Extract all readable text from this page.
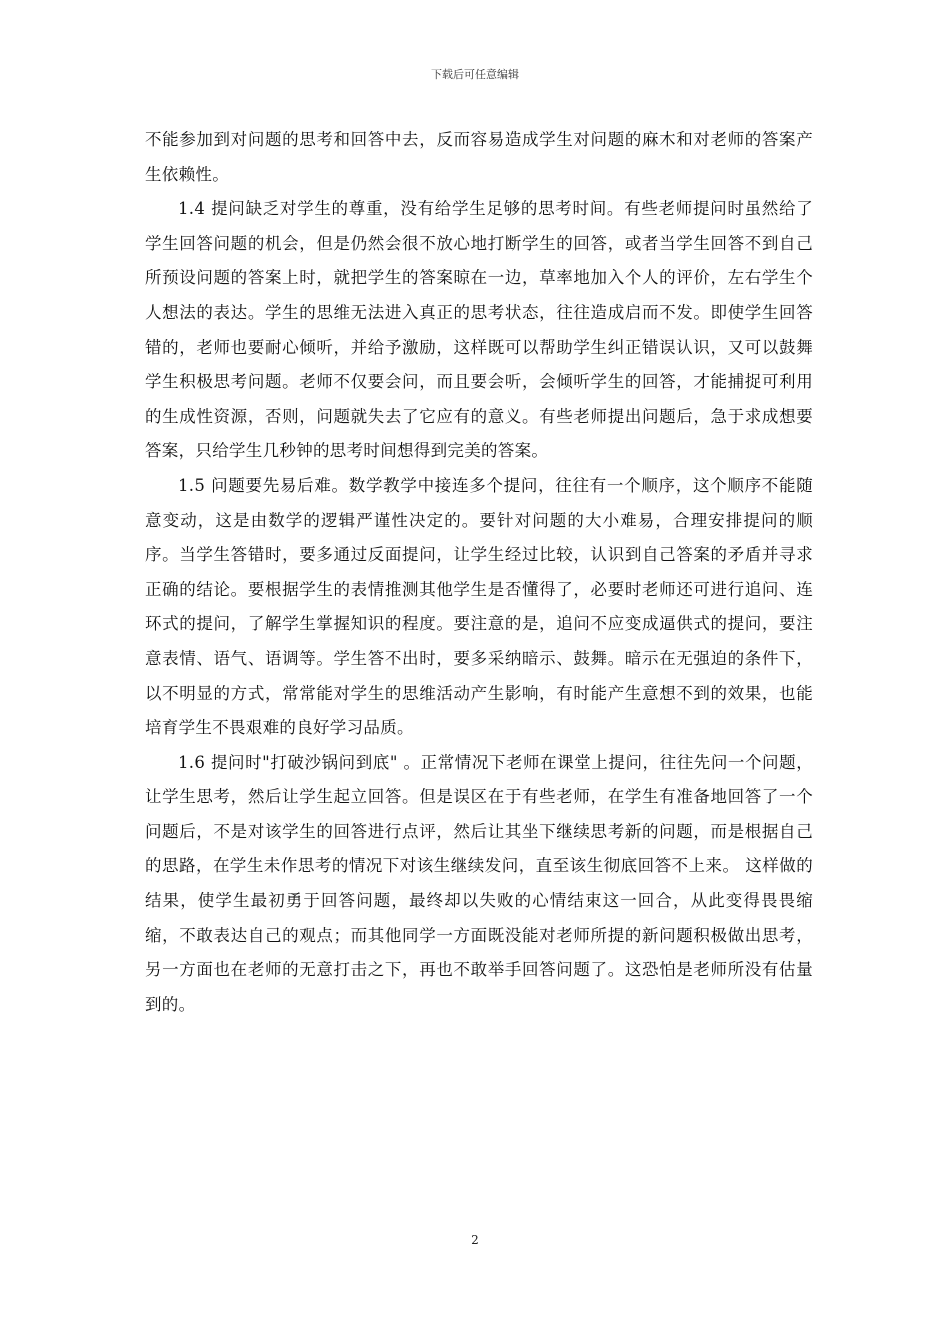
下载后可任意编辑

不能参加到对问题的思考和回答中去，反而容易造成学生对问题的麻木和对老师的答案产生依赖性。

1.4 提问缺乏对学生的尊重，没有给学生足够的思考时间。有些老师提问时虽然给了学生回答问题的机会，但是仍然会很不放心地打断学生的回答，或者当学生回答不到自己所预设问题的答案上时，就把学生的答案晾在一边，草率地加入个人的评价，左右学生个人想法的表达。学生的思维无法进入真正的思考状态，往往造成启而不发。即使学生回答错的，老师也要耐心倾听，并给予激励，这样既可以帮助学生纠正错误认识，又可以鼓舞学生积极思考问题。老师不仅要会问，而且要会听，会倾听学生的回答，才能捕捉可利用的生成性资源，否则，问题就失去了它应有的意义。有些老师提出问题后，急于求成想要答案，只给学生几秒钟的思考时间想得到完美的答案。

1.5 问题要先易后难。数学教学中接连多个提问，往往有一个顺序，这个顺序不能随意变动，这是由数学的逻辑严谨性决定的。要针对问题的大小难易，合理安排提问的顺序。当学生答错时，要多通过反面提问，让学生经过比较，认识到自己答案的矛盾并寻求正确的结论。要根据学生的表情推测其他学生是否懂得了，必要时老师还可进行追问、连环式的提问，了解学生掌握知识的程度。要注意的是，追问不应变成逼供式的提问，要注意表情、语气、语调等。学生答不出时，要多采纳暗示、鼓舞。暗示在无强迫的条件下，以不明显的方式，常常能对学生的思维活动产生影响，有时能产生意想不到的效果，也能培育学生不畏艰难的良好学习品质。

1.6 提问时"打破沙锅问到底" 。正常情况下老师在课堂上提问，往往先问一个问题，让学生思考，然后让学生起立回答。但是误区在于有些老师，在学生有准备地回答了一个问题后，不是对该学生的回答进行点评，然后让其坐下继续思考新的问题，而是根据自己的思路，在学生未作思考的情况下对该生继续发问，直至该生彻底回答不上来。 这样做的结果，使学生最初勇于回答问题，最终却以失败的心情结束这一回合，从此变得畏畏缩缩，不敢表达自己的观点；而其他同学一方面既没能对老师所提的新问题积极做出思考，另一方面也在老师的无意打击之下，再也不敢举手回答问题了。这恐怕是老师所没有估量到的。

2
